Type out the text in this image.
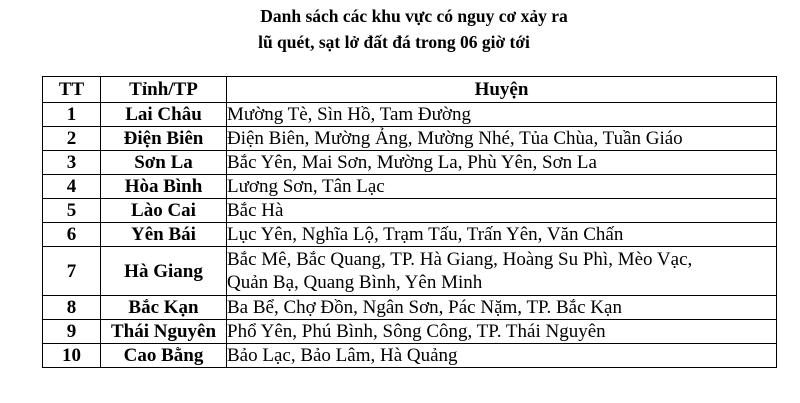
Danh sách các khu vực có nguy cơ xảy ra
lũ quét, sạt lở đất đá trong 06 giờ tới
TT	Tỉnh/TP	Huyện
1	Lai Châu	Mường Tè, Sìn Hồ, Tam Đường

2	Điện Biên	Điện Biên, Mường Ảng, Mường Nhé, Tủa Chùa, Tuần Giáo

3	Sơn La	Bắc Yên, Mai Sơn, Mường La, Phù Yên, Sơn La

4	Hòa Bình	Lương Sơn, Tân Lạc

5	Lào Cai	Bắc Hà

6	Yên Bái	Lục Yên, Nghĩa Lộ, Trạm Tấu, Trấn Yên, Văn Chấn

7	Hà Giang	Bắc Mê, Bắc Quang, TP. Hà Giang, Hoàng Su Phì, Mèo Vạc,
Quản Bạ, Quang Bình, Yên Minh

8	Bắc Kạn	Ba Bể, Chợ Đồn, Ngân Sơn, Pác Nặm, TP. Bắc Kạn

9	Thái Nguyên	Phổ Yên, Phú Bình, Sông Công, TP. Thái Nguyên

10	Cao Bằng	Bảo Lạc, Bảo Lâm, Hà Quảng
